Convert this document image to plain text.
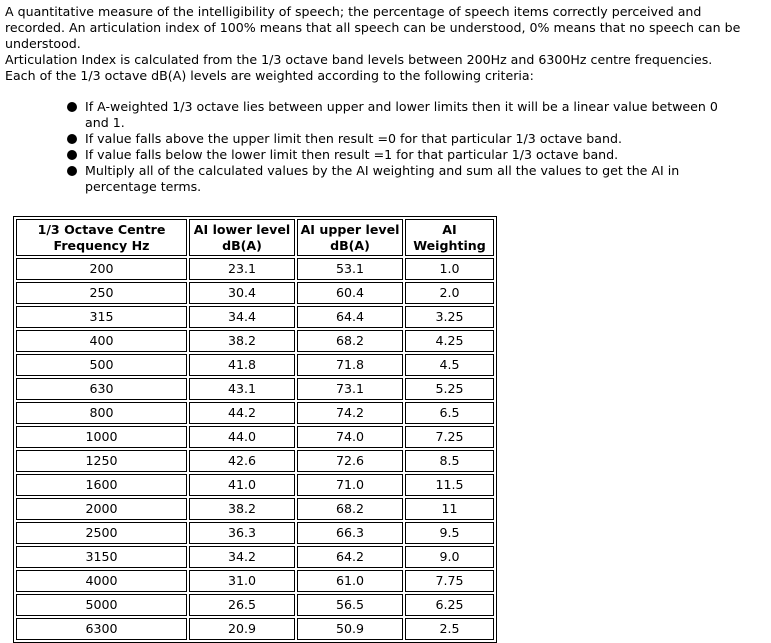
A quantitative measure of the intelligibility of speech; the percentage of speech items correctly perceived and recorded. An articulation index of 100% means that all speech can be understood, 0% means that no speech can be understood.

Articulation Index is calculated from the 1/3 octave band levels between 200Hz and 6300Hz centre frequencies.

Each of the 1/3 octave dB(A) levels are weighted according to the following criteria:

If A-weighted 1/3 octave lies between upper and lower limits then it will be a linear value between 0 and 1.
If value falls above the upper limit then result =0 for that particular 1/3 octave band.
If value falls below the lower limit then result =1 for that particular 1/3 octave band.
Multiply all of the calculated values by the AI weighting and sum all the values to get the AI in percentage terms.
1/3 Octave Centre Frequency Hz	AI lower level dB(A)	AI upper level dB(A)	AI Weighting
200	23.1	53.1	1.0
250	30.4	60.4	2.0
315	34.4	64.4	3.25
400	38.2	68.2	4.25
500	41.8	71.8	4.5
630	43.1	73.1	5.25
800	44.2	74.2	6.5
1000	44.0	74.0	7.25
1250	42.6	72.6	8.5
1600	41.0	71.0	11.5
2000	38.2	68.2	11
2500	36.3	66.3	9.5
3150	34.2	64.2	9.0
4000	31.0	61.0	7.75
5000	26.5	56.5	6.25
6300	20.9	50.9	2.5
